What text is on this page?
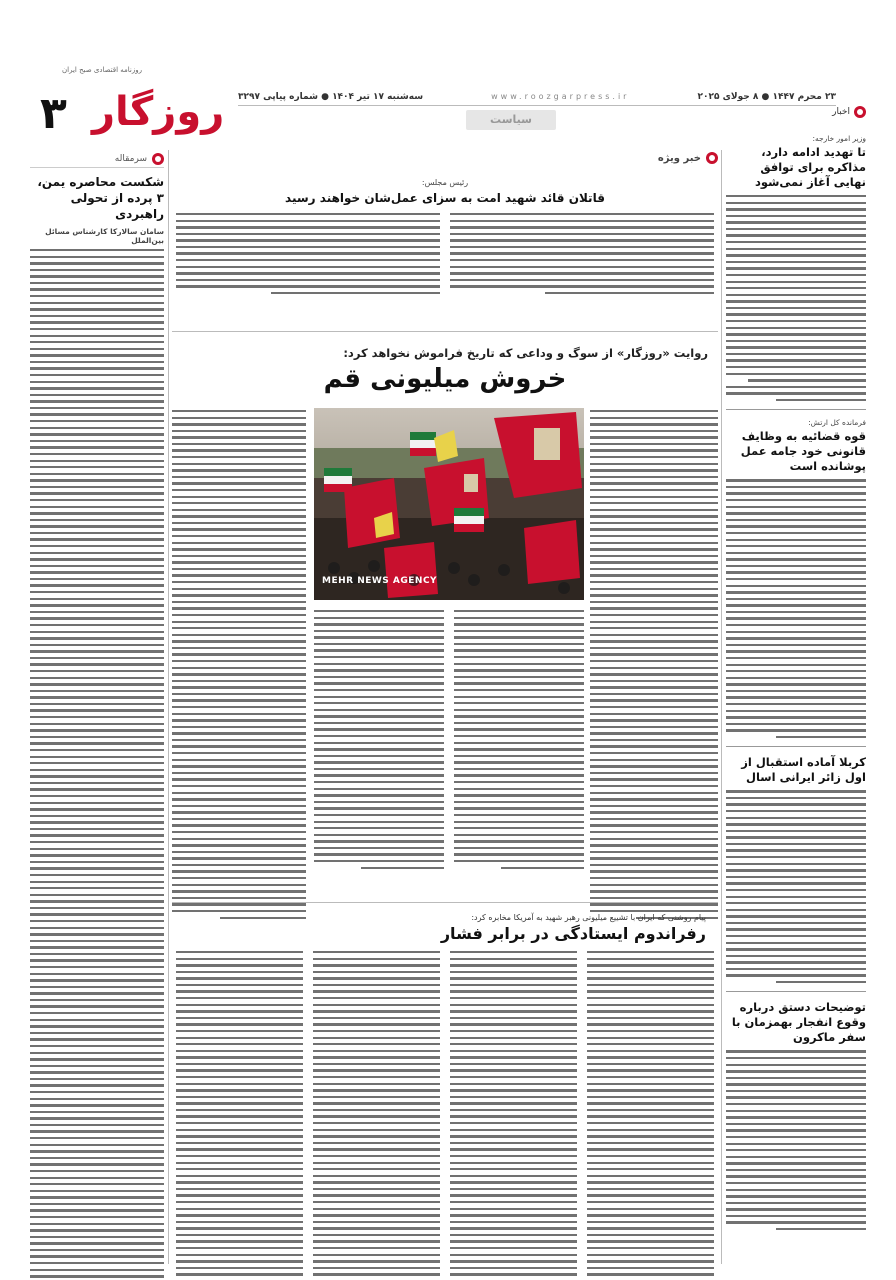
روزنامه اقتصادی صبح ایران
۳ روزگار	۲۳ محرم ۱۴۴۷ ● ۸ جولای ۲۰۲۵
www.roozgarpress.ir
سه‌شنبه ۱۷ تیر ۱۴۰۴ ● شماره پیاپی ۳۲۹۷
سیاست
اخبار
وزیر امور خارجه:
تا تهدید ادامه دارد، مذاکره برای توافق نهایی آغاز نمی‌شود
فرمانده کل ارتش:
قوه قضائیه به وظایف قانونی خود جامه عمل پوشانده است
کربلا آماده استقبال از اول زائر ایرانی اسال
توضیحات دستق درباره وقوع انفجار بهمزمان با سفر ماکرون
سرمقاله
شکست محاصره یمن، ۳ پرده از تحولی راهبردی
سامان سالارکا کارشناس مسائل بین‌الملل
خبر ویژه
رئیس مجلس:
قاتلان قائد شهید امت به سزای عمل‌شان خواهند رسید
روایت «روزگار» از سوگ و وداعی که تاریخ فراموش نخواهد کرد:
خروش میلیونی قم
MEHR NEWS AGENCY
پیام روشنی که ایران با تشییع میلیونی رهبر شهید به آمریکا مخابره کرد:
رفراندوم ایستادگی در برابر فشار
